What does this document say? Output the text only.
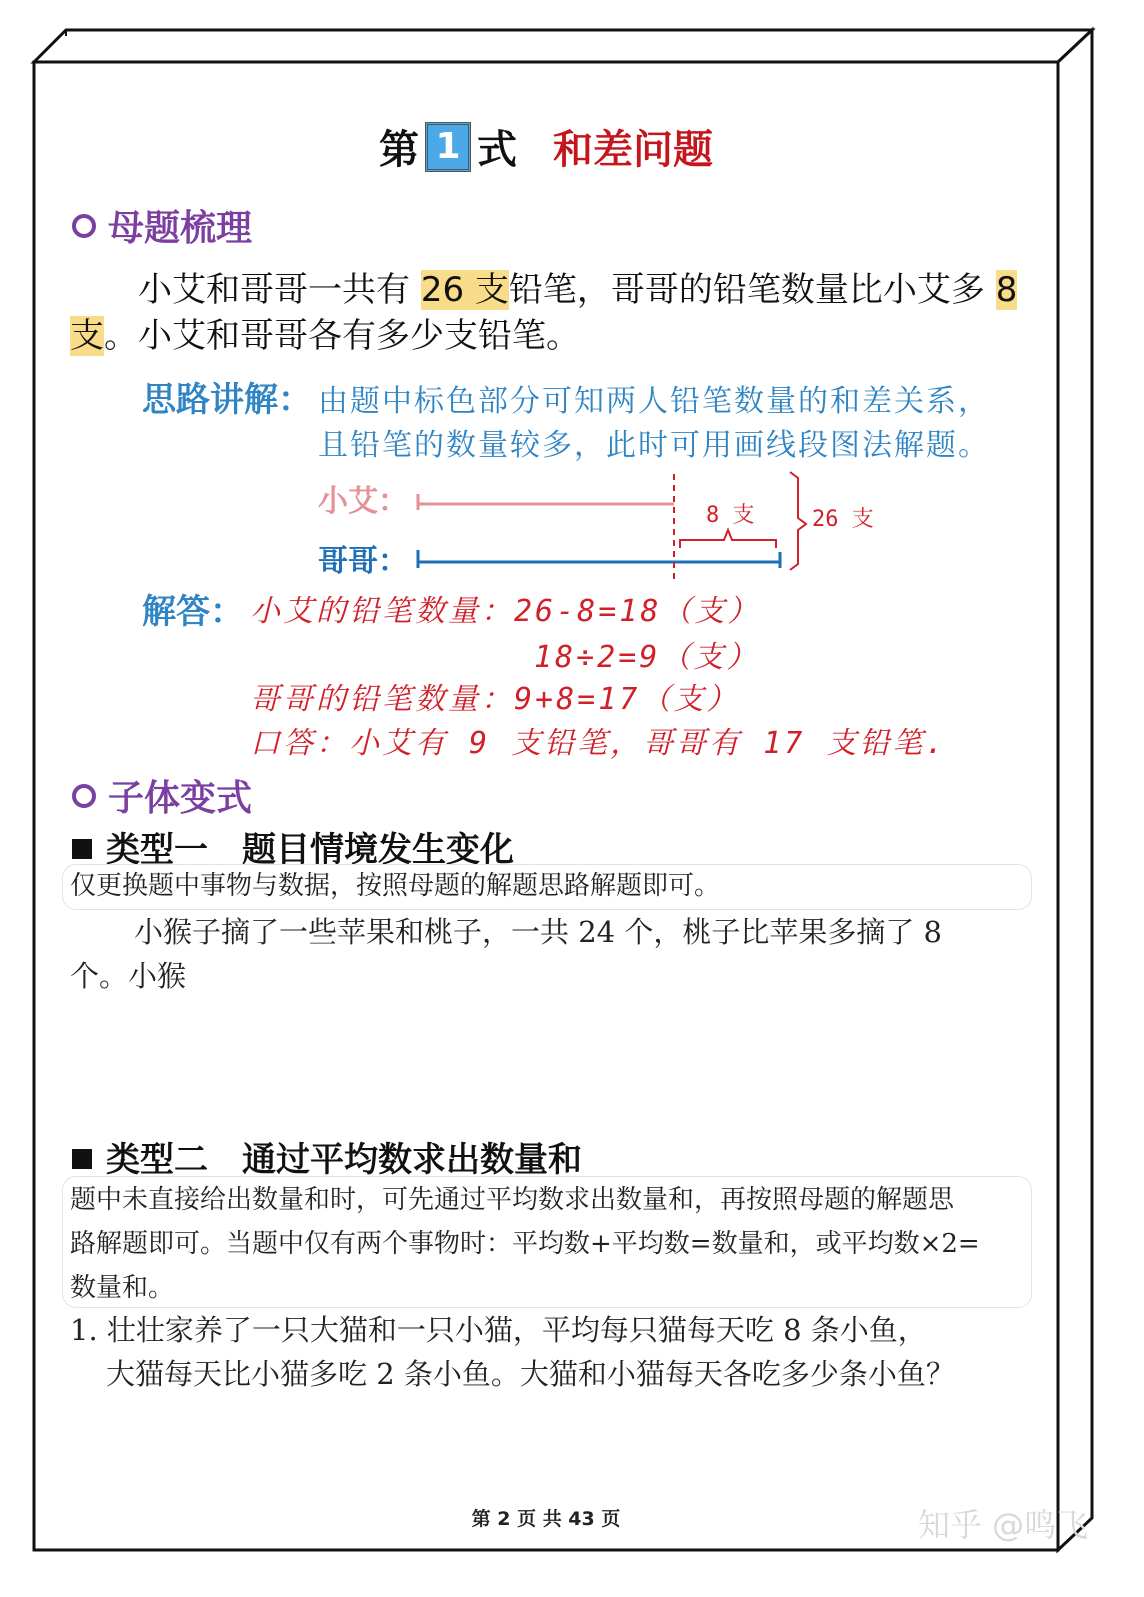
第 1 式 和差问题
母题梳理
小艾和哥哥一共有 26 支铅笔，哥哥的铅笔数量比小艾多 8
支。小艾和哥哥各有多少支铅笔。
思路讲解： 由题中标色部分可知两人铅笔数量的和差关系，
且铅笔的数量较多，此时可用画线段图法解题。
小艾：
哥哥：
8 支	26 支
解答： 小艾的铅笔数量：26-8=18（支）
18÷2=9（支）
哥哥的铅笔数量：9+8=17（支）
口答：小艾有 9 支铅笔，哥哥有 17 支铅笔.
子体变式
类型一　题目情境发生变化
仅更换题中事物与数据，按照母题的解题思路解题即可。
小猴子摘了一些苹果和桃子，一共 24 个，桃子比苹果多摘了 8
个。小猴
类型二　通过平均数求出数量和
题中未直接给出数量和时，可先通过平均数求出数量和，再按照母题的解题思
路解题即可。当题中仅有两个事物时：平均数+平均数=数量和，或平均数×2=
数量和。
1. 壮壮家养了一只大猫和一只小猫，平均每只猫每天吃 8 条小鱼，
大猫每天比小猫多吃 2 条小鱼。大猫和小猫每天各吃多少条小鱼？
第 2 页 共 43 页	知乎 @鸣飞
